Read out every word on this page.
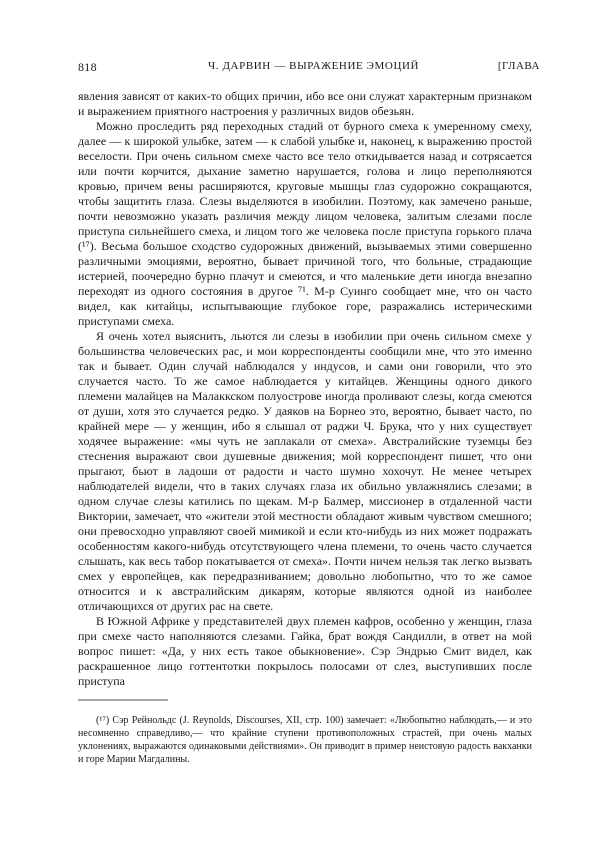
818	Ч. ДАРВИН — ВЫРАЖЕНИЕ ЭМОЦИЙ	[ГЛАВА

явления зависят от каких-то общих причин, ибо все они служат характерным признаком и выражением приятного настроения у различных видов обезьян.

Можно проследить ряд переходных стадий от бурного смеха к умеренному смеху, далее — к широкой улыбке, затем — к слабой улыбке и, наконец, к выражению простой веселости. При очень сильном смехе часто все тело откидывается назад и сотрясается или почти корчится, дыхание заметно нарушается, голова и лицо переполняются кровью, причем вены расширяются, круговые мышцы глаз судорожно сокращаются, чтобы защитить глаза. Слезы выделяются в изобилии. Поэтому, как замечено раньше, почти невозможно указать различия между лицом человека, залитым слезами после приступа сильнейшего смеха, и лицом того же человека после приступа горького плача (¹⁷). Весьма большое сходство судорожных движений, вызываемых этими совершенно различными эмоциями, вероятно, бывает причиной того, что больные, страдающие истерией, поочередно бурно плачут и смеются, и что маленькие дети иногда внезапно переходят из одного состояния в другое ⁷¹. М-р Суинго сообщает мне, что он часто видел, как китайцы, испытывающие глубокое горе, разражались истерическими приступами смеха.

Я очень хотел выяснить, льются ли слезы в изобилии при очень сильном смехе у большинства человеческих рас, и мои корреспонденты сообщили мне, что это именно так и бывает. Один случай наблюдался у индусов, и сами они говорили, что это случается часто. То же самое наблюдается у китайцев. Женщины одного дикого племени малайцев на Малаккском полуострове иногда проливают слезы, когда смеются от души, хотя это случается редко. У даяков на Борнео это, вероятно, бывает часто, по крайней мере — у женщин, ибо я слышал от раджи Ч. Брука, что у них существует ходячее выражение: «мы чуть не заплакали от смеха». Австралийские туземцы без стеснения выражают свои душевные движения; мой корреспондент пишет, что они прыгают, бьют в ладоши от радости и часто шумно хохочут. Не менее четырех наблюдателей видели, что в таких случаях глаза их обильно увлажнялись слезами; в одном случае слезы катились по щекам. М-р Балмер, миссионер в отдаленной части Виктории, замечает, что «жители этой местности обладают живым чувством смешного; они превосходно управляют своей мимикой и если кто-нибудь из них может подражать особенностям какого-нибудь отсутствующего члена племени, то очень часто случается слышать, как весь табор покатывается от смеха». Почти ничем нельзя так легко вызвать смех у европейцев, как передразниванием; довольно любопытно, что то же самое относится и к австралийским дикарям, которые являются одной из наиболее отличающихся от других рас на свете.

В Южной Африке у представителей двух племен кафров, особенно у женщин, глаза при смехе часто наполняются слезами. Гайка, брат вождя Сандилли, в ответ на мой вопрос пишет: «Да, у них есть такое обыкновение». Сэр Эндрью Смит видел, как раскрашенное лицо готтентотки покрылось полосами от слез, выступивших после приступа

(¹⁷) Сэр Рейнольдс (J. Reynolds, Discourses, XII, стр. 100) замечает: «Любопытно наблюдать,— и это несомненно справедливо,— что крайние ступени противоположных страстей, при очень малых уклонениях, выражаются одинаковыми действиями». Он приводит в пример неистовую радость вакханки и горе Марии Магдалины.
